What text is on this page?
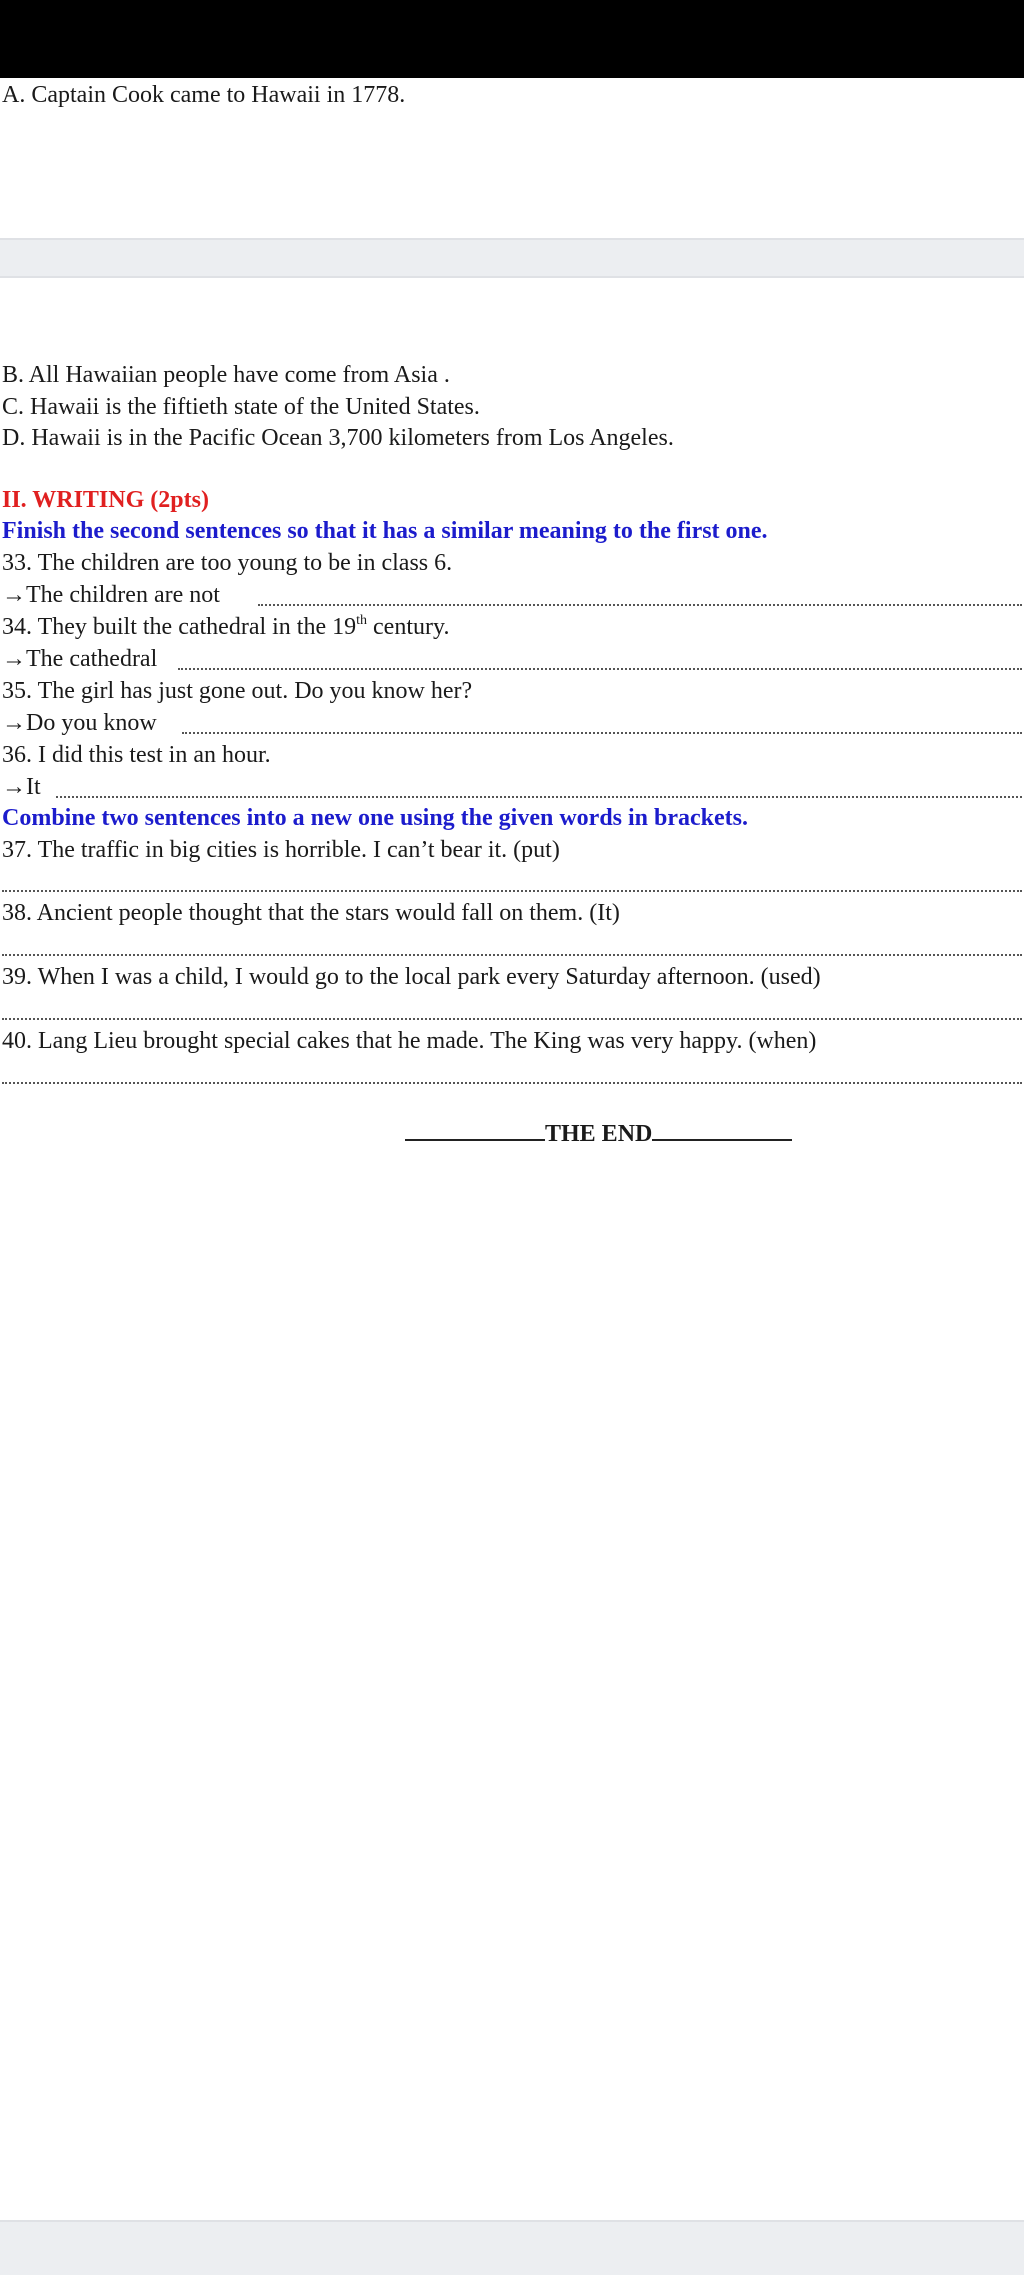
A. Captain Cook came to Hawaii in 1778.
B. All Hawaiian people have come from Asia .
C. Hawaii is the fiftieth state of the United States.
D. Hawaii is in the Pacific Ocean 3,700 kilometers from Los Angeles.
II. WRITING (2pts)
Finish the second sentences so that it has a similar meaning to the first one.
33. The children are too young to be in class 6.
→The children are not
34. They built the cathedral in the 19th century.
→The cathedral
35. The girl has just gone out. Do you know her?
→Do you know
36. I did this test in an hour.
→It
Combine two sentences into a new one using the given words in brackets.
37. The traffic in big cities is horrible. I can’t bear it. (put)
38. Ancient people thought that the stars would fall on them. (It)
39. When I was a child, I would go to the local park every Saturday afternoon. (used)
40. Lang Lieu brought special cakes that he made. The King was very happy. (when)
THE END
